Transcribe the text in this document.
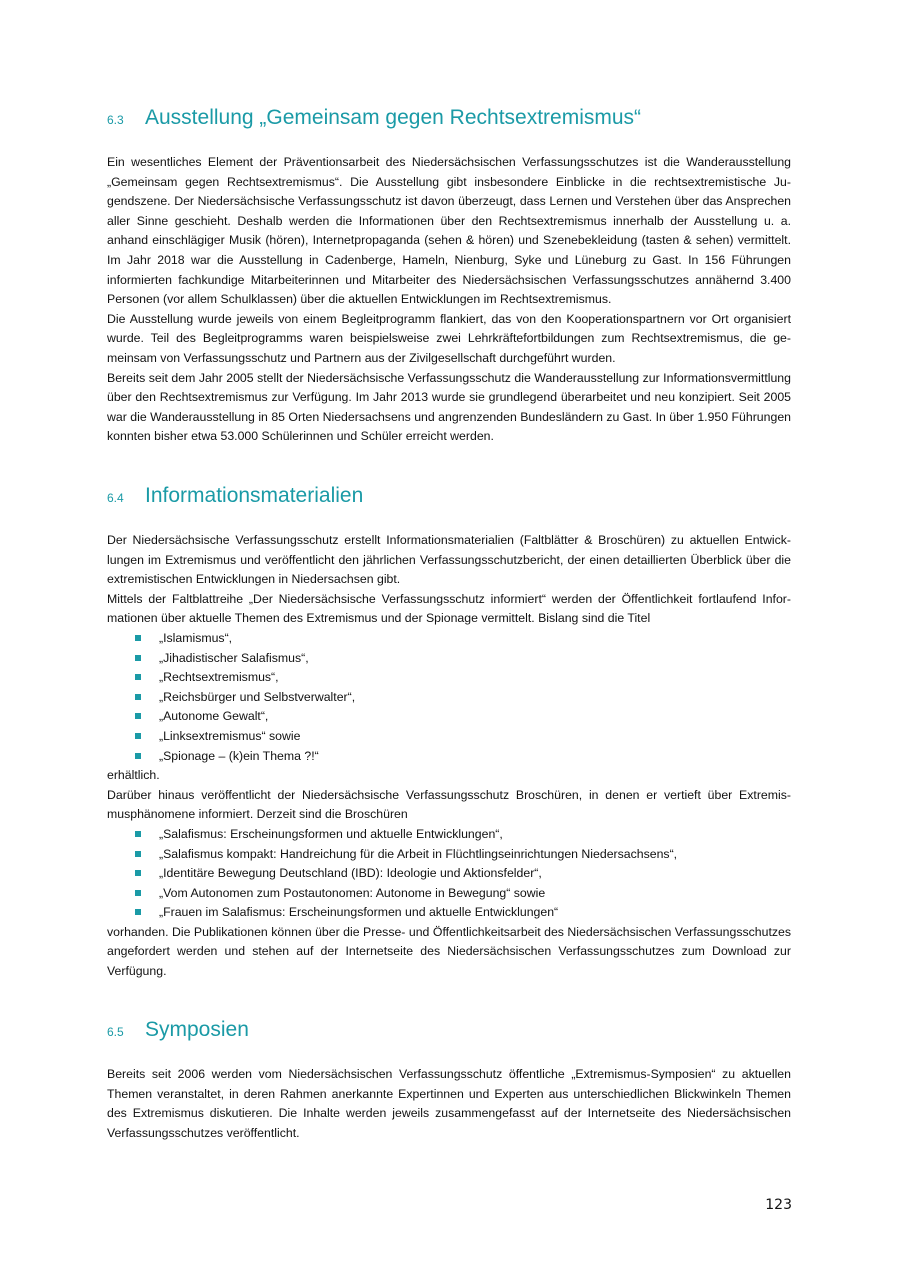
6.3	Ausstellung „Gemeinsam gegen Rechtsextremismus“

Ein wesentliches Element der Präventionsarbeit des Niedersächsischen Verfassungsschutzes ist die Wanderausstellung „Gemeinsam gegen Rechtsextremismus“. Die Ausstellung gibt insbesondere Einblicke in die rechtsextremistische Jugendszene. Der Niedersächsische Verfassungsschutz ist davon überzeugt, dass Lernen und Verstehen über das Ansprechen aller Sinne geschieht. Deshalb werden die Informationen über den Rechtsextremismus innerhalb der Ausstellung u. a. anhand einschlägiger Musik (hören), Internetpropaganda (sehen & hören) und Szenebekleidung (tasten & sehen) vermittelt. Im Jahr 2018 war die Ausstellung in Cadenberge, Hameln, Nienburg, Syke und Lüneburg zu Gast. In 156 Führungen informierten fachkundige Mitarbeiterinnen und Mitarbeiter des Niedersächsischen Verfassungsschutzes annähernd 3.400 Personen (vor allem Schulklassen) über die aktuellen Entwicklungen im Rechtsextremismus.

Die Ausstellung wurde jeweils von einem Begleitprogramm flankiert, das von den Kooperationspartnern vor Ort organisiert wurde. Teil des Begleitprogramms waren beispielsweise zwei Lehrkräftefortbildungen zum Rechtsextremismus, die gemeinsam von Verfassungsschutz und Partnern aus der Zivilgesellschaft durchgeführt wurden.

Bereits seit dem Jahr 2005 stellt der Niedersächsische Verfassungsschutz die Wanderausstellung zur Informationsvermittlung über den Rechtsextremismus zur Verfügung. Im Jahr 2013 wurde sie grundlegend überarbeitet und neu konzipiert. Seit 2005 war die Wanderausstellung in 85 Orten Niedersachsens und angrenzenden Bundesländern zu Gast. In über 1.950 Führungen konnten bisher etwa 53.000 Schülerinnen und Schüler erreicht werden.

6.4	Informationsmaterialien

Der Niedersächsische Verfassungsschutz erstellt Informationsmaterialien (Faltblätter & Broschüren) zu aktuellen Entwicklungen im Extremismus und veröffentlicht den jährlichen Verfassungsschutzbericht, der einen detaillierten Überblick über die extremistischen Entwicklungen in Niedersachsen gibt.

Mittels der Faltblattreihe „Der Niedersächsische Verfassungsschutz informiert“ werden der Öffentlichkeit fortlaufend Informationen über aktuelle Themen des Extremismus und der Spionage vermittelt. Bislang sind die Titel

„Islamismus“,
„Jihadistischer Salafismus“,
„Rechtsextremismus“,
„Reichsbürger und Selbstverwalter“,
„Autonome Gewalt“,
„Linksextremismus“ sowie
„Spionage – (k)ein Thema ?!“

erhältlich.

Darüber hinaus veröffentlicht der Niedersächsische Verfassungsschutz Broschüren, in denen er vertieft über Extremismusphänomene informiert. Derzeit sind die Broschüren

„Salafismus: Erscheinungsformen und aktuelle Entwicklungen“,
„Salafismus kompakt: Handreichung für die Arbeit in Flüchtlingseinrichtungen Niedersachsens“,
„Identitäre Bewegung Deutschland (IBD): Ideologie und Aktionsfelder“,
„Vom Autonomen zum Postautonomen: Autonome in Bewegung“ sowie
„Frauen im Salafismus: Erscheinungsformen und aktuelle Entwicklungen“

vorhanden. Die Publikationen können über die Presse- und Öffentlichkeitsarbeit des Niedersächsischen Verfassungsschutzes angefordert werden und stehen auf der Internetseite des Niedersächsischen Verfassungsschutzes zum Download zur Verfügung.

6.5	Symposien

Bereits seit 2006 werden vom Niedersächsischen Verfassungsschutz öffentliche „Extremismus-Symposien“ zu aktuellen Themen veranstaltet, in deren Rahmen anerkannte Expertinnen und Experten aus unterschiedlichen Blickwinkeln Themen des Extremismus diskutieren. Die Inhalte werden jeweils zusammengefasst auf der Internetseite des Niedersächsischen Verfassungsschutzes veröffentlicht.

123
